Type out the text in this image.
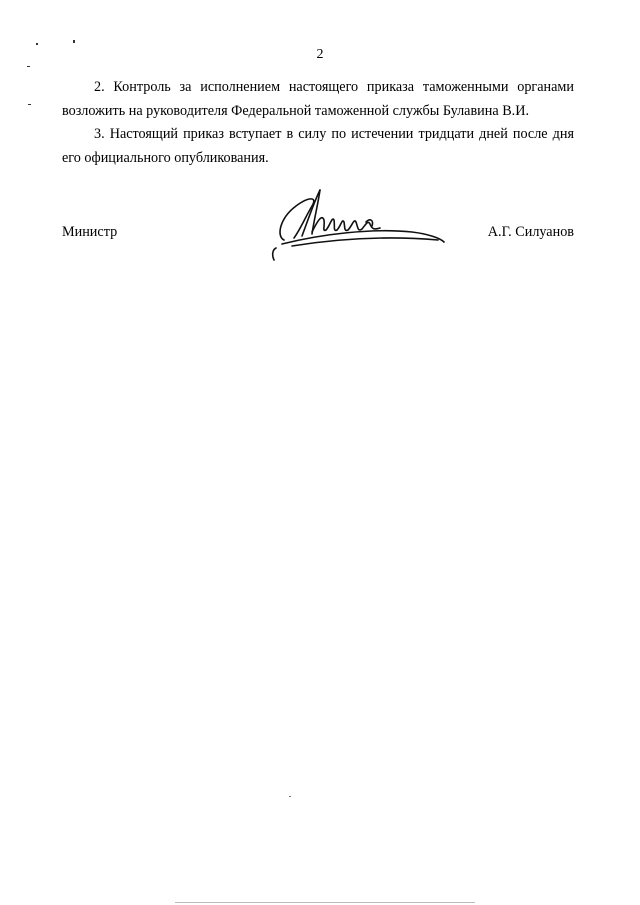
2

2. Контроль за исполнением настоящего приказа таможенными органами возложить на руководителя Федеральной таможенной службы Булавина В.И.

3. Настоящий приказ вступает в силу по истечении тридцати дней после дня его официального опубликования.

Министр	А.Г. Силуанов
